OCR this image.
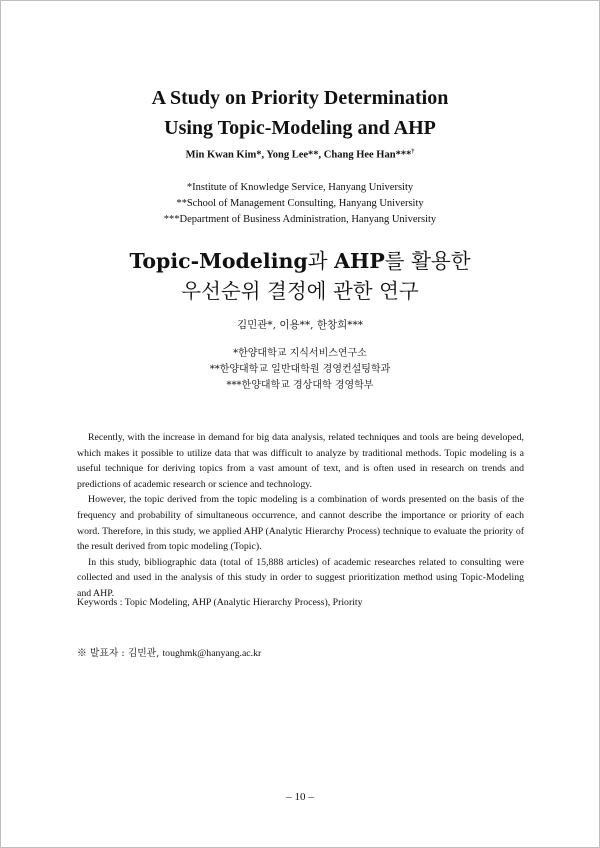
A Study on Priority Determination
Using Topic-Modeling and AHP
Min Kwan Kim*, Yong Lee**, Chang Hee Han***†
*Institute of Knowledge Service, Hanyang University
**School of Management Consulting, Hanyang University
***Department of Business Administration, Hanyang University
Topic-Modeling과 AHP를 활용한
우선순위 결정에 관한 연구
김민관*, 이용**, 한창희***
*한양대학교 지식서비스연구소
**한양대학교 일반대학원 경영컨설팅학과
***한양대학교 경상대학 경영학부

Recently, with the increase in demand for big data analysis, related techniques and tools are being developed, which makes it possible to utilize data that was difficult to analyze by traditional methods. Topic modeling is a useful technique for deriving topics from a vast amount of text, and is often used in research on trends and predictions of academic research or science and technology.

However, the topic derived from the topic modeling is a combination of words presented on the basis of the frequency and probability of simultaneous occurrence, and cannot describe the importance or priority of each word. Therefore, in this study, we applied AHP (Analytic Hierarchy Process) technique to evaluate the priority of the result derived from topic modeling (Topic).

In this study, bibliographic data (total of 15,888 articles) of academic researches related to consulting were collected and used in the analysis of this study in order to suggest prioritization method using Topic-Modeling and AHP.

Keywords : Topic Modeling, AHP (Analytic Hierarchy Process), Priority
※ 발표자 : 김민관, toughmk@hanyang.ac.kr
– 10 –
